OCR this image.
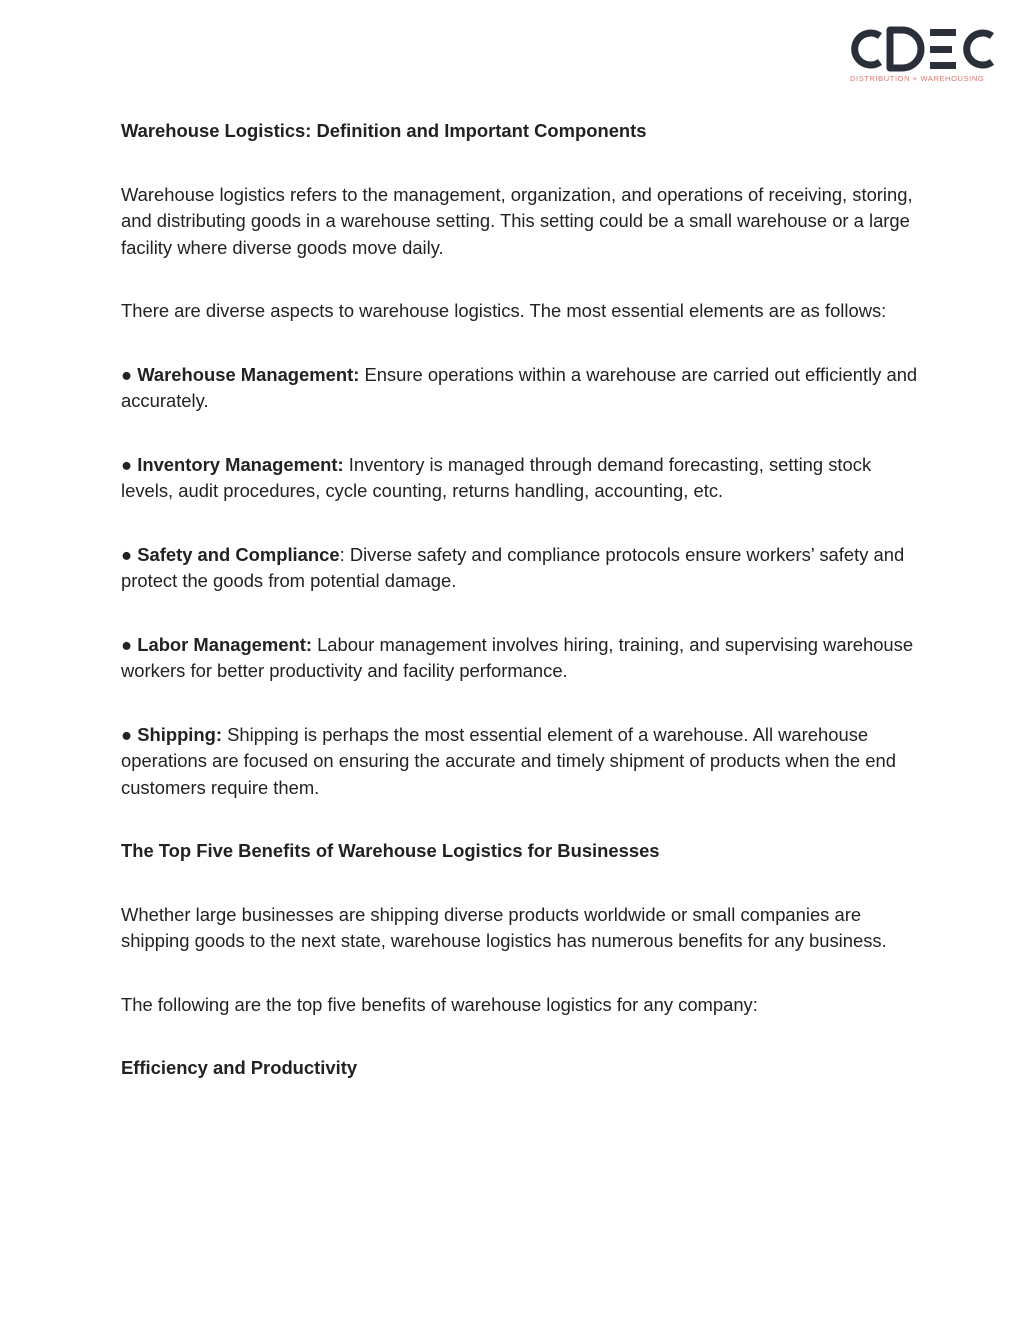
DISTRIBUTION + WAREHOUSING

Warehouse Logistics: Definition and Important Components

Warehouse logistics refers to the management, organization, and operations of receiving, storing, and distributing goods in a warehouse setting. This setting could be a small warehouse or a large facility where diverse goods move daily.

There are diverse aspects to warehouse logistics. The most essential elements are as follows:

● Warehouse Management: Ensure operations within a warehouse are carried out efficiently and accurately.

● Inventory Management: Inventory is managed through demand forecasting, setting stock levels, audit procedures, cycle counting, returns handling, accounting, etc.

● Safety and Compliance: Diverse safety and compliance protocols ensure workers’ safety and protect the goods from potential damage.

● Labor Management: Labour management involves hiring, training, and supervising warehouse workers for better productivity and facility performance.

● Shipping: Shipping is perhaps the most essential element of a warehouse. All warehouse operations are focused on ensuring the accurate and timely shipment of products when the end customers require them.

The Top Five Benefits of Warehouse Logistics for Businesses

Whether large businesses are shipping diverse products worldwide or small companies are shipping goods to the next state, warehouse logistics has numerous benefits for any business.

The following are the top five benefits of warehouse logistics for any company:

Efficiency and Productivity
